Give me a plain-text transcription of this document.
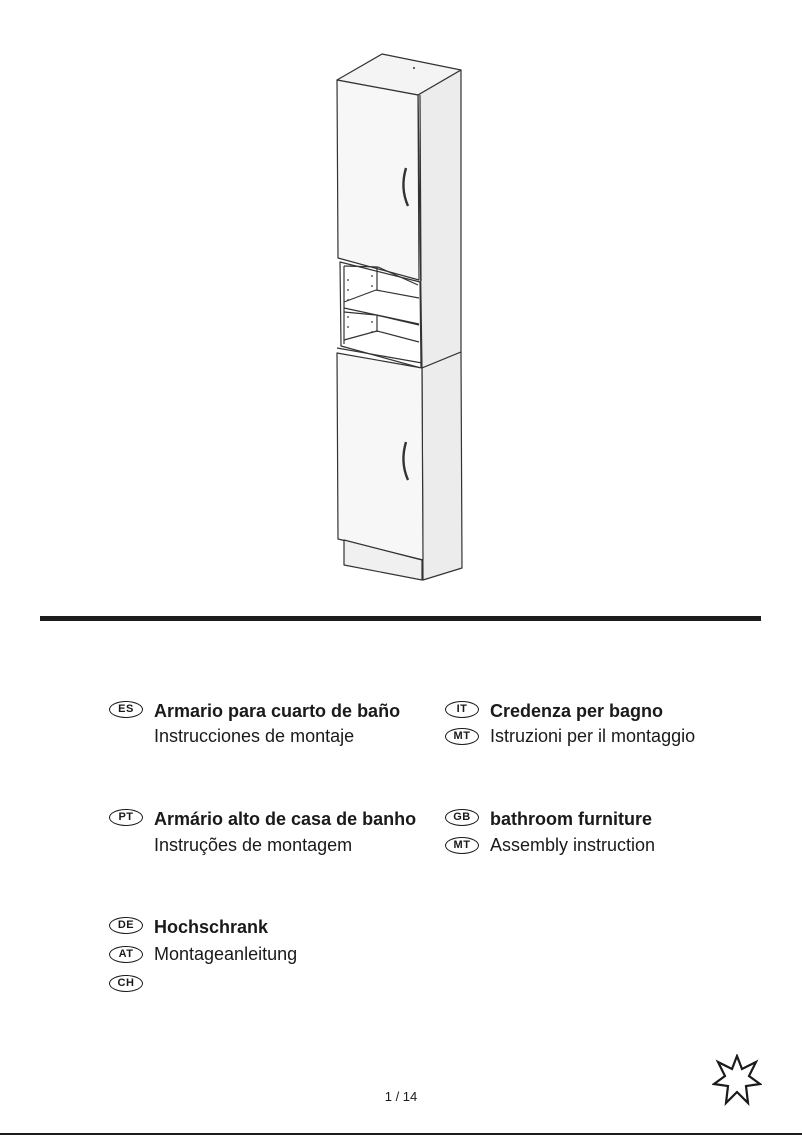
ES	Armario para cuarto de baño
Instrucciones de montaje
IT
MT
Credenza per bagno
Istruzioni per il montaggio
PT	Armário alto de casa de banho
Instruções de montagem
GB
MT
bathroom furniture
Assembly instruction
DE
AT
CH
Hochschrank
Montageanleitung
1 / 14
